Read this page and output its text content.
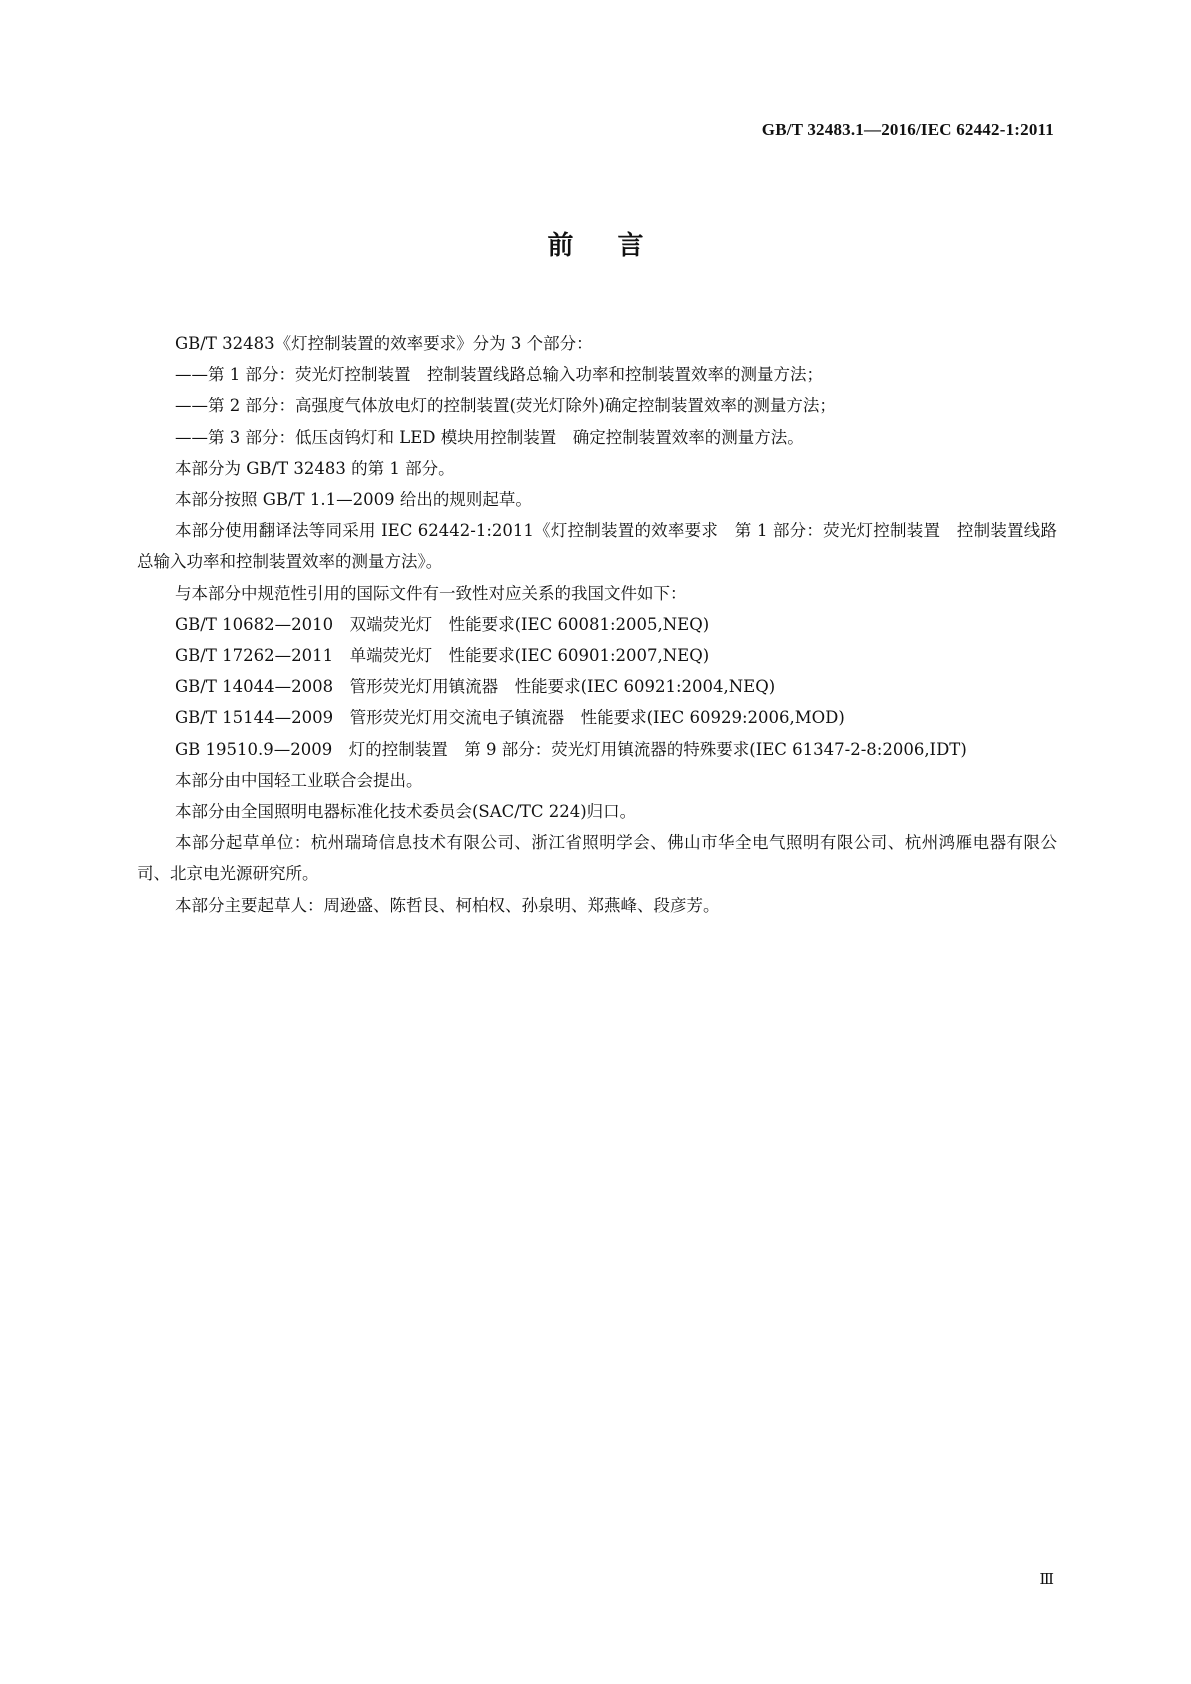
GB/T 32483.1—2016/IEC 62442-1:2011
前言

GB/T 32483《灯控制装置的效率要求》分为 3 个部分：

——第 1 部分：荧光灯控制装置　控制装置线路总输入功率和控制装置效率的测量方法；

——第 2 部分：高强度气体放电灯的控制装置(荧光灯除外)确定控制装置效率的测量方法；

——第 3 部分：低压卤钨灯和 LED 模块用控制装置　确定控制装置效率的测量方法。

本部分为 GB/T 32483 的第 1 部分。

本部分按照 GB/T 1.1—2009 给出的规则起草。

本部分使用翻译法等同采用 IEC 62442-1:2011《灯控制装置的效率要求　第 1 部分：荧光灯控制装置　控制装置线路总输入功率和控制装置效率的测量方法》。

与本部分中规范性引用的国际文件有一致性对应关系的我国文件如下：

GB/T 10682—2010　双端荧光灯　性能要求(IEC 60081:2005,NEQ)

GB/T 17262—2011　单端荧光灯　性能要求(IEC 60901:2007,NEQ)

GB/T 14044—2008　管形荧光灯用镇流器　性能要求(IEC 60921:2004,NEQ)

GB/T 15144—2009　管形荧光灯用交流电子镇流器　性能要求(IEC 60929:2006,MOD)

GB 19510.9—2009　灯的控制装置　第 9 部分：荧光灯用镇流器的特殊要求(IEC 61347-2-8:2006,IDT)

本部分由中国轻工业联合会提出。

本部分由全国照明电器标准化技术委员会(SAC/TC 224)归口。

本部分起草单位：杭州瑞琦信息技术有限公司、浙江省照明学会、佛山市华全电气照明有限公司、杭州鸿雁电器有限公司、北京电光源研究所。

本部分主要起草人：周逊盛、陈哲艮、柯柏权、孙泉明、郑燕峰、段彦芳。

Ⅲ
